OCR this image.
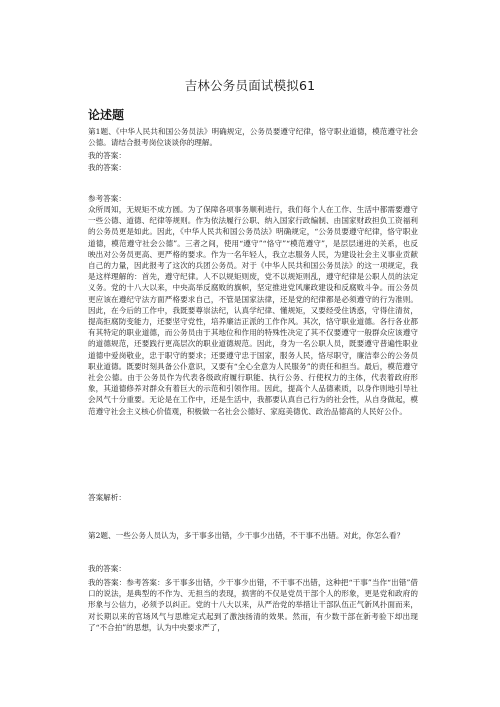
吉林公务员面试模拟61
论述题

第1题、《中华人民共和国公务员法》明确规定，公务员要遵守纪律，恪守职业道德，模范遵守社会公德。请结合报考岗位谈谈你的理解。

我的答案：

我的答案：

参考答案：

众所周知，无规矩不成方圆。为了保障各项事务顺利进行，我们每个人在工作、生活中都需要遵守一些公德、道德、纪律等规则。作为依法履行公职、纳入国家行政编制、由国家财政担负工资福利的公务员更是如此。因此，《中华人民共和国公务员法》明确规定，“公务员要遵守纪律，恪守职业道德，模范遵守社会公德”。三者之间，使用“遵守”“恪守”“模范遵守”，是层层递进的关系，也反映出对公务员更高、更严格的要求。作为一名年轻人，我立志服务人民，为建设社会主义事业贡献自己的力量，因此报考了这次的兵团公务员。对于《中华人民共和国公务员法》的这一项规定，我是这样理解的：首先，遵守纪律。人不以规矩则废，党不以规矩则乱，遵守纪律是公职人员的法定义务。党的十八大以来，中央高举反腐败的旗帜，坚定推进党风廉政建设和反腐败斗争。而公务员更应该在遵纪守法方面严格要求自己，不管是国家法律，还是党的纪律都是必须遵守的行为准则。因此，在今后的工作中，我既要尊崇法纪，认真学纪律、懂规矩，又要经受住诱惑，守得住清贫，提高拒腐防变能力，还要坚守党性，培养廉洁正派的工作作风。其次，恪守职业道德。各行各业都有其特定的职业道德，而公务员由于其地位和作用的特殊性决定了其不仅要遵守一般群众应该遵守的道德规范，还要践行更高层次的职业道德规范。因此，身为一名公职人员，既要遵守普遍性职业道德中爱岗敬业，忠于职守的要求；还要遵守忠于国家，服务人民，恪尽职守，廉洁奉公的公务员职业道德。既要时刻具备公仆意识，又要有“全心全意为人民服务”的责任和担当。最后，模范遵守社会公德。由于公务员作为代表各级政府履行职能、执行公务、行使权力的主体，代表着政府形象，其道德修养对群众有着巨大的示范和引领作用。因此，提高个人品德素质，以身作则地引导社会风气十分重要。无论是在工作中，还是生活中，我都要认真自己行为的社会性，从自身做起，模范遵守社会主义核心价值观，积极做一名社会公德好、家庭美德优、政治品德高的人民好公仆。

答案解析：

第2题、一些公务人员认为，多干事多出错，少干事少出错，不干事不出错。对此，你怎么看？

我的答案：

我的答案：参考答案：多干事多出错，少干事少出错，不干事不出错，这种把“干事”当作“出错”借口的说法，是典型的不作为、无担当的表现，损害的不仅是党员干部个人的形象，更是党和政府的形象与公信力，必须予以纠正。党的十八大以来，从严治党的举措让干部队伍正气新风扑面而来，对长期以来的官场风气与思维定式起到了激浊扬清的效果。然而，有少数干部在新考验下却出现了“不合拍”的思想，认为中央要求严了，
